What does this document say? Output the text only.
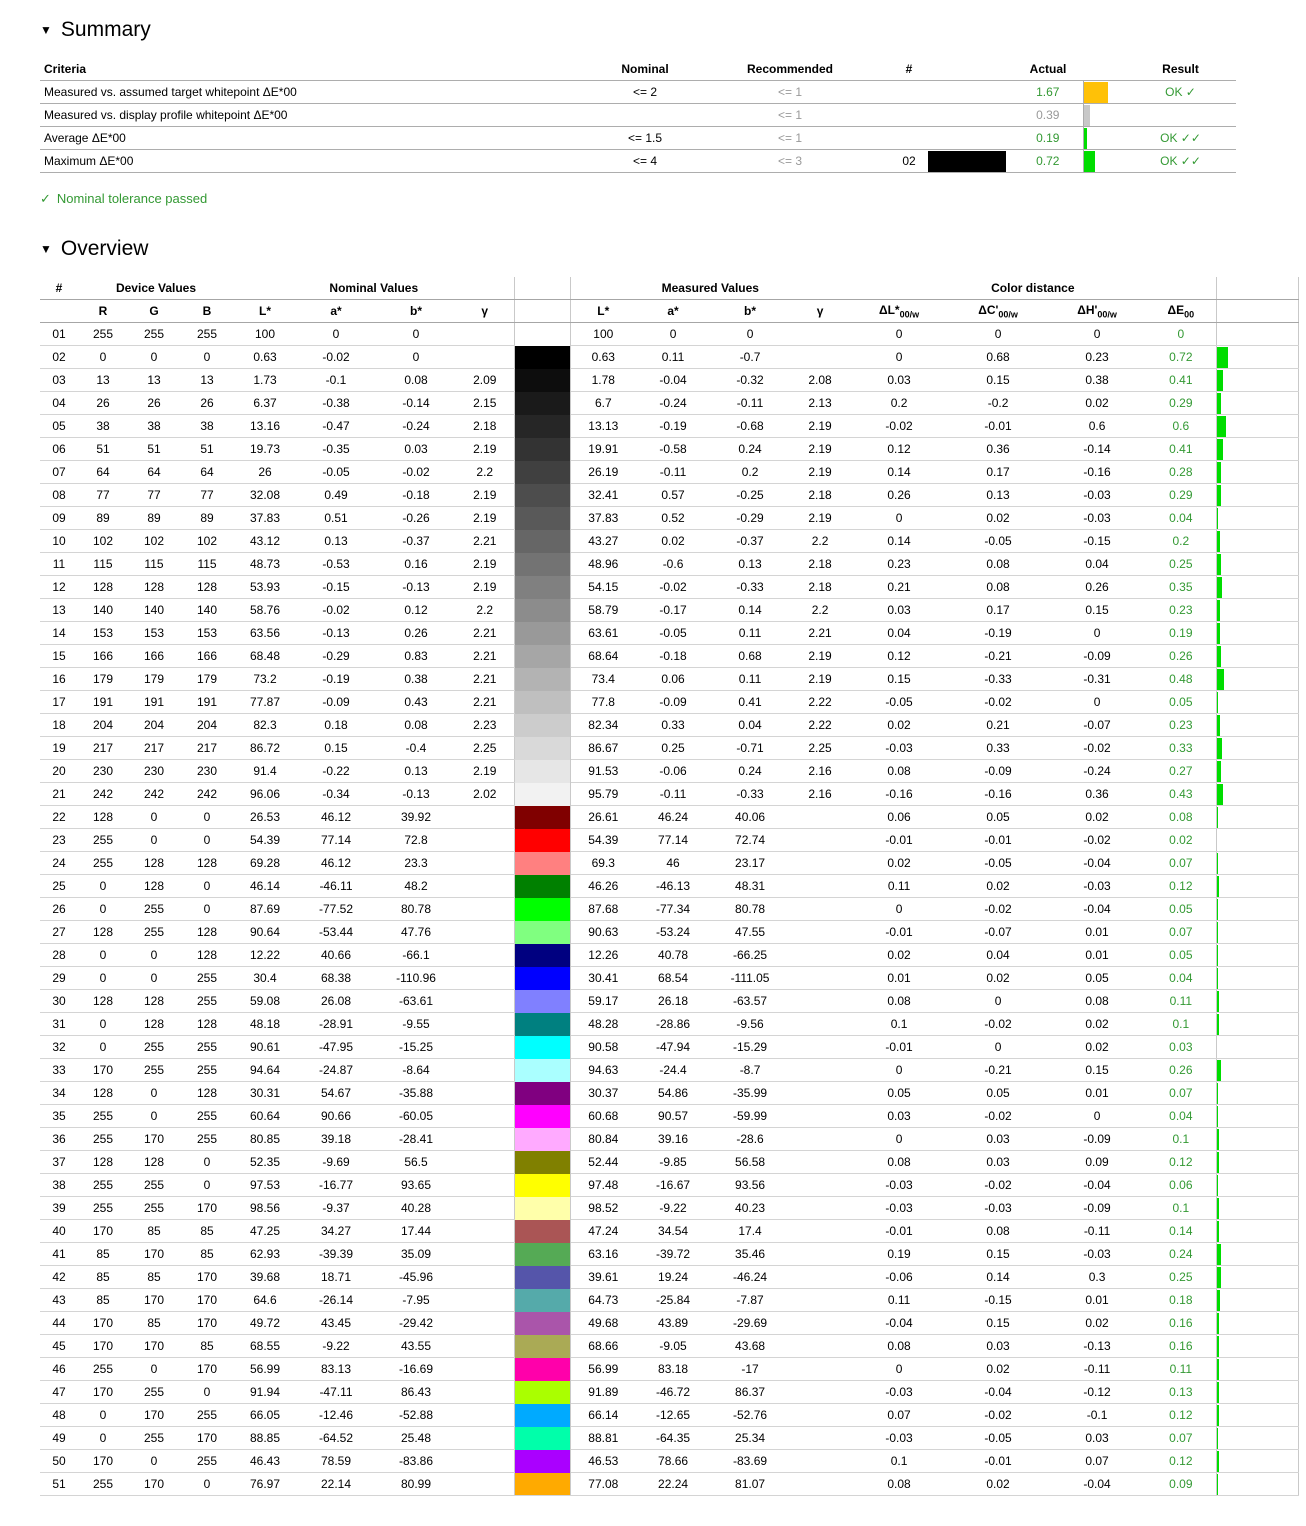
▼ Summary
Criteria	Nominal	Recommended	#		Actual		Result
Measured vs. assumed target whitepoint ΔE*00	<= 2	<= 1			1.67		OK ✓
Measured vs. display profile whitepoint ΔE*00		<= 1			0.39	

Average ΔE*00	<= 1.5	<= 1			0.19		OK ✓✓
Maximum ΔE*00	<= 4	<= 3	02		0.72		OK ✓✓
✓ Nominal tolerance passed
▼ Overview
#	Device Values			Nominal Values					Measured Values				Color distance				
	R	G	B	L*	a*	b*	γ		L*	a*	b*	γ	$\Delta L*_{00/w}$	$\Delta C'_{00/w}$	$\Delta H'_{00/w}$	$\Delta E_{00}$	
01	255	255	255	100	0	0			100	0	0		0	0	0	0	
02	0	0	0	0.63	-0.02	0			0.63	0.11	-0.7		0	0.68	0.23	0.72	

03	13	13	13	1.73	-0.1	0.08	2.09		1.78	-0.04	-0.32	2.08	0.03	0.15	0.38	0.41	

04	26	26	26	6.37	-0.38	-0.14	2.15		6.7	-0.24	-0.11	2.13	0.2	-0.2	0.02	0.29	

05	38	38	38	13.16	-0.47	-0.24	2.18		13.13	-0.19	-0.68	2.19	-0.02	-0.01	0.6	0.6	

06	51	51	51	19.73	-0.35	0.03	2.19		19.91	-0.58	0.24	2.19	0.12	0.36	-0.14	0.41	

07	64	64	64	26	-0.05	-0.02	2.2		26.19	-0.11	0.2	2.19	0.14	0.17	-0.16	0.28	

08	77	77	77	32.08	0.49	-0.18	2.19		32.41	0.57	-0.25	2.18	0.26	0.13	-0.03	0.29	

09	89	89	89	37.83	0.51	-0.26	2.19		37.83	0.52	-0.29	2.19	0	0.02	-0.03	0.04	

10	102	102	102	43.12	0.13	-0.37	2.21		43.27	0.02	-0.37	2.2	0.14	-0.05	-0.15	0.2	

11	115	115	115	48.73	-0.53	0.16	2.19		48.96	-0.6	0.13	2.18	0.23	0.08	0.04	0.25	

12	128	128	128	53.93	-0.15	-0.13	2.19		54.15	-0.02	-0.33	2.18	0.21	0.08	0.26	0.35	

13	140	140	140	58.76	-0.02	0.12	2.2		58.79	-0.17	0.14	2.2	0.03	0.17	0.15	0.23	

14	153	153	153	63.56	-0.13	0.26	2.21		63.61	-0.05	0.11	2.21	0.04	-0.19	0	0.19	

15	166	166	166	68.48	-0.29	0.83	2.21		68.64	-0.18	0.68	2.19	0.12	-0.21	-0.09	0.26	

16	179	179	179	73.2	-0.19	0.38	2.21		73.4	0.06	0.11	2.19	0.15	-0.33	-0.31	0.48	

17	191	191	191	77.87	-0.09	0.43	2.21		77.8	-0.09	0.41	2.22	-0.05	-0.02	0	0.05	

18	204	204	204	82.3	0.18	0.08	2.23		82.34	0.33	0.04	2.22	0.02	0.21	-0.07	0.23	

19	217	217	217	86.72	0.15	-0.4	2.25		86.67	0.25	-0.71	2.25	-0.03	0.33	-0.02	0.33	

20	230	230	230	91.4	-0.22	0.13	2.19		91.53	-0.06	0.24	2.16	0.08	-0.09	-0.24	0.27	

21	242	242	242	96.06	-0.34	-0.13	2.02		95.79	-0.11	-0.33	2.16	-0.16	-0.16	0.36	0.43	

22	128	0	0	26.53	46.12	39.92			26.61	46.24	40.06		0.06	0.05	0.02	0.08	

23	255	0	0	54.39	77.14	72.8			54.39	77.14	72.74		-0.01	-0.01	-0.02	0.02	
24	255	128	128	69.28	46.12	23.3			69.3	46	23.17		0.02	-0.05	-0.04	0.07	

25	0	128	0	46.14	-46.11	48.2			46.26	-46.13	48.31		0.11	0.02	-0.03	0.12	

26	0	255	0	87.69	-77.52	80.78			87.68	-77.34	80.78		0	-0.02	-0.04	0.05	

27	128	255	128	90.64	-53.44	47.76			90.63	-53.24	47.55		-0.01	-0.07	0.01	0.07	

28	0	0	128	12.22	40.66	-66.1			12.26	40.78	-66.25		0.02	0.04	0.01	0.05	

29	0	0	255	30.4	68.38	-110.96			30.41	68.54	-111.05		0.01	0.02	0.05	0.04	

30	128	128	255	59.08	26.08	-63.61			59.17	26.18	-63.57		0.08	0	0.08	0.11	

31	0	128	128	48.18	-28.91	-9.55			48.28	-28.86	-9.56		0.1	-0.02	0.02	0.1	

32	0	255	255	90.61	-47.95	-15.25			90.58	-47.94	-15.29		-0.01	0	0.02	0.03	
33	170	255	255	94.64	-24.87	-8.64			94.63	-24.4	-8.7		0	-0.21	0.15	0.26	

34	128	0	128	30.31	54.67	-35.88			30.37	54.86	-35.99		0.05	0.05	0.01	0.07	

35	255	0	255	60.64	90.66	-60.05			60.68	90.57	-59.99		0.03	-0.02	0	0.04	

36	255	170	255	80.85	39.18	-28.41			80.84	39.16	-28.6		0	0.03	-0.09	0.1	

37	128	128	0	52.35	-9.69	56.5			52.44	-9.85	56.58		0.08	0.03	0.09	0.12	

38	255	255	0	97.53	-16.77	93.65			97.48	-16.67	93.56		-0.03	-0.02	-0.04	0.06	

39	255	255	170	98.56	-9.37	40.28			98.52	-9.22	40.23		-0.03	-0.03	-0.09	0.1	

40	170	85	85	47.25	34.27	17.44			47.24	34.54	17.4		-0.01	0.08	-0.11	0.14	

41	85	170	85	62.93	-39.39	35.09			63.16	-39.72	35.46		0.19	0.15	-0.03	0.24	

42	85	85	170	39.68	18.71	-45.96			39.61	19.24	-46.24		-0.06	0.14	0.3	0.25	

43	85	170	170	64.6	-26.14	-7.95			64.73	-25.84	-7.87		0.11	-0.15	0.01	0.18	

44	170	85	170	49.72	43.45	-29.42			49.68	43.89	-29.69		-0.04	0.15	0.02	0.16	

45	170	170	85	68.55	-9.22	43.55			68.66	-9.05	43.68		0.08	0.03	-0.13	0.16	

46	255	0	170	56.99	83.13	-16.69			56.99	83.18	-17		0	0.02	-0.11	0.11	

47	170	255	0	91.94	-47.11	86.43			91.89	-46.72	86.37		-0.03	-0.04	-0.12	0.13	

48	0	170	255	66.05	-12.46	-52.88			66.14	-12.65	-52.76		0.07	-0.02	-0.1	0.12	

49	0	255	170	88.85	-64.52	25.48			88.81	-64.35	25.34		-0.03	-0.05	0.03	0.07	

50	170	0	255	46.43	78.59	-83.86			46.53	78.66	-83.69		0.1	-0.01	0.07	0.12	

51	255	170	0	76.97	22.14	80.99			77.08	22.24	81.07		0.08	0.02	-0.04	0.09	
